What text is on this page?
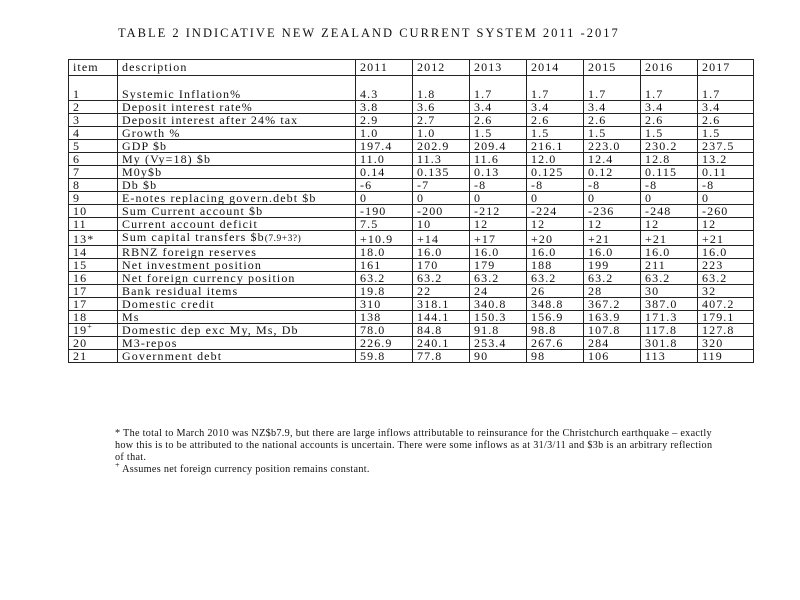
TABLE 2 INDICATIVE NEW ZEALAND CURRENT SYSTEM 2011 -2017
item	description	2011	2012	2013	2014	2015	2016	2017

1	Systemic Inflation%	4.3	1.8	1.7	1.7	1.7	1.7	1.7
2	Deposit interest rate%	3.8	3.6	3.4	3.4	3.4	3.4	3.4
3	Deposit interest after 24% tax	2.9	2.7	2.6	2.6	2.6	2.6	2.6
4	Growth %	1.0	1.0	1.5	1.5	1.5	1.5	1.5
5	GDP $b	197.4	202.9	209.4	216.1	223.0	230.2	237.5
6	My (Vy=18) $b	11.0	11.3	11.6	12.0	12.4	12.8	13.2
7	M0y$b	0.14	0.135	0.13	0.125	0.12	0.115	0.11
8	Db $b	-6	-7	-8	-8	-8	-8	-8
9	E-notes replacing govern.debt $b	0	0	0	0	0	0	0
10	Sum Current account $b	-190	-200	-212	-224	-236	-248	-260
11	Current account deficit	7.5	10	12	12	12	12	12
13*	Sum capital transfers $b(7.9+3?)	+10.9	+14	+17	+20	+21	+21	+21
14	RBNZ foreign reserves	18.0	16.0	16.0	16.0	16.0	16.0	16.0
15	Net investment position	161	170	179	188	199	211	223
16	Net foreign currency position	63.2	63.2	63.2	63.2	63.2	63.2	63.2
17	Bank residual items	19.8	22	24	26	28	30	32
17	Domestic credit	310	318.1	340.8	348.8	367.2	387.0	407.2
18	Ms	138	144.1	150.3	156.9	163.9	171.3	179.1
19+	Domestic dep exc My, Ms, Db	78.0	84.8	91.8	98.8	107.8	117.8	127.8
20	M3-repos	226.9	240.1	253.4	267.6	284	301.8	320
21	Government debt	59.8	77.8	90	98	106	113	119

* The total to March 2010 was NZ$b7.9, but there are large inflows attributable to reinsurance for the Christchurch earthquake – exactly how this is to be attributed to the national accounts is uncertain. There were some inflows as at 31/3/11 and $3b is an arbitrary reflection of that.

+ Assumes net foreign currency position remains constant.
